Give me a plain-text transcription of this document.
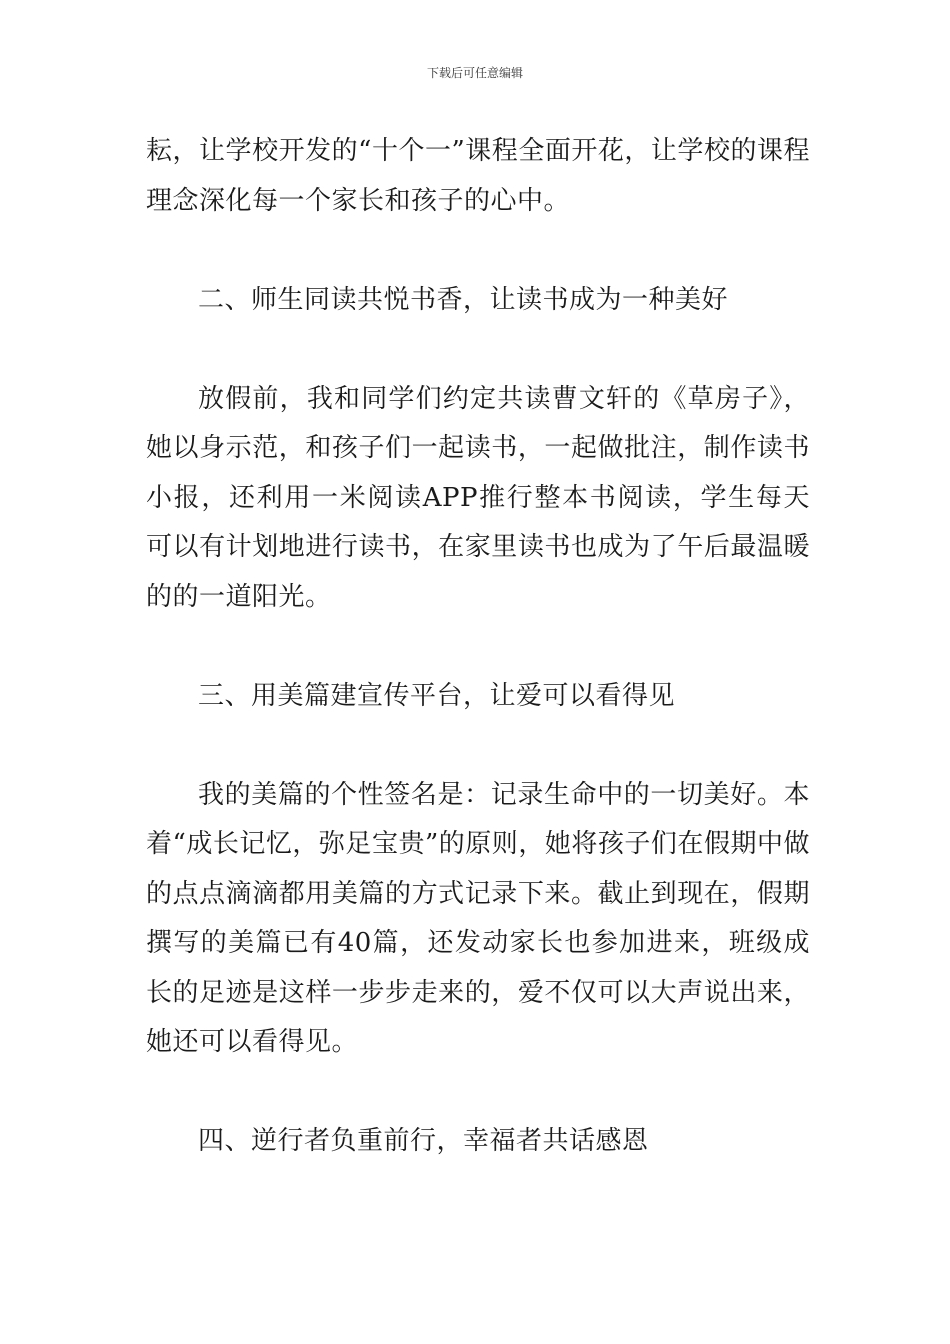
下载后可任意编辑

耘，让学校开发的“十个一”课程全面开花，让学校的课程理念深化每一个家长和孩子的心中。

二、师生同读共悦书香，让读书成为一种美好

放假前，我和同学们约定共读曹文轩的《草房子》，她以身示范，和孩子们一起读书，一起做批注，制作读书小报，还利用一米阅读APP推行整本书阅读，学生每天可以有计划地进行读书，在家里读书也成为了午后最温暖的的一道阳光。

三、用美篇建宣传平台，让爱可以看得见

我的美篇的个性签名是：记录生命中的一切美好。本着“成长记忆，弥足宝贵”的原则，她将孩子们在假期中做的点点滴滴都用美篇的方式记录下来。截止到现在，假期撰写的美篇已有40篇，还发动家长也参加进来，班级成长的足迹是这样一步步走来的，爱不仅可以大声说出来，她还可以看得见。

四、逆行者负重前行，幸福者共话感恩
